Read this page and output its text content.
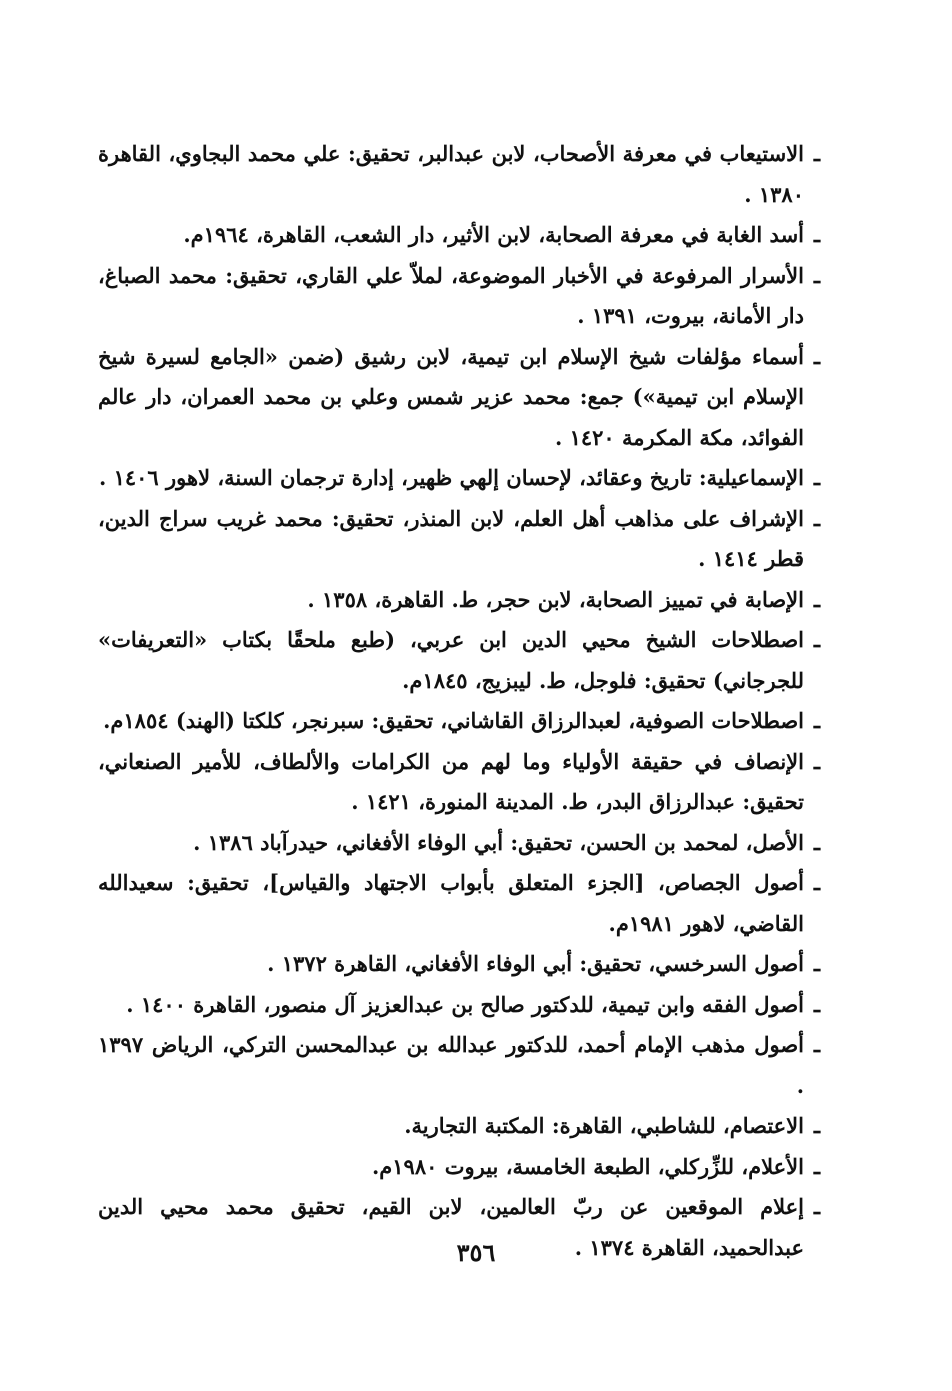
ـ
الاستيعاب في معرفة الأصحاب، لابن عبدالبر، تحقيق: علي محمد البجاوي، القاهرة ١٣٨٠ .

ـ
أسد الغابة في معرفة الصحابة، لابن الأثير، دار الشعب، القاهرة، ١٩٦٤م.

ـ
الأسرار المرفوعة في الأخبار الموضوعة، لملاّ علي القاري، تحقيق: محمد الصباغ، دار الأمانة، بيروت، ١٣٩١ .

ـ
أسماء مؤلفات شيخ الإسلام ابن تيمية، لابن رشيق (ضمن «الجامع لسيرة شيخ الإسلام ابن تيمية») جمع: محمد عزير شمس وعلي بن محمد العمران، دار عالم الفوائد، مكة المكرمة ١٤٢٠ .

ـ
الإسماعيلية: تاريخ وعقائد، لإحسان إلهي ظهير، إدارة ترجمان السنة، لاهور ١٤٠٦ .

ـ
الإشراف على مذاهب أهل العلم، لابن المنذر، تحقيق: محمد غريب سراج الدين، قطر ١٤١٤ .

ـ
الإصابة في تمييز الصحابة، لابن حجر، ط. القاهرة، ١٣٥٨ .

ـ
اصطلاحات الشيخ محيي الدين ابن عربي، (طبع ملحقًا بكتاب «التعريفات» للجرجاني) تحقيق: فلوجل، ط. ليبزيج، ١٨٤٥م.

ـ
اصطلاحات الصوفية، لعبدالرزاق القاشاني، تحقيق: سبرنجر، كلكتا (الهند) ١٨٥٤م.

ـ
الإنصاف في حقيقة الأولياء وما لهم من الكرامات والألطاف، للأمير الصنعاني، تحقيق: عبدالرزاق البدر، ط. المدينة المنورة، ١٤٢١ .

ـ
الأصل، لمحمد بن الحسن، تحقيق: أبي الوفاء الأفغاني، حيدرآباد ١٣٨٦ .

ـ
أصول الجصاص، [الجزء المتعلق بأبواب الاجتهاد والقياس]، تحقيق: سعيدالله القاضي، لاهور ١٩٨١م.

ـ
أصول السرخسي، تحقيق: أبي الوفاء الأفغاني، القاهرة ١٣٧٢ .

ـ
أصول الفقه وابن تيمية، للدكتور صالح بن عبدالعزيز آل منصور، القاهرة ١٤٠٠ .

ـ
أصول مذهب الإمام أحمد، للدكتور عبدالله بن عبدالمحسن التركي، الرياض ١٣٩٧ .

ـ
الاعتصام، للشاطبي، القاهرة: المكتبة التجارية.

ـ
الأعلام، للزِّركلي، الطبعة الخامسة، بيروت ١٩٨٠م.

ـ
إعلام الموقعين عن ربّ العالمين، لابن القيم، تحقيق محمد محيي الدين عبدالحميد، القاهرة ١٣٧٤ .

٣٥٦
